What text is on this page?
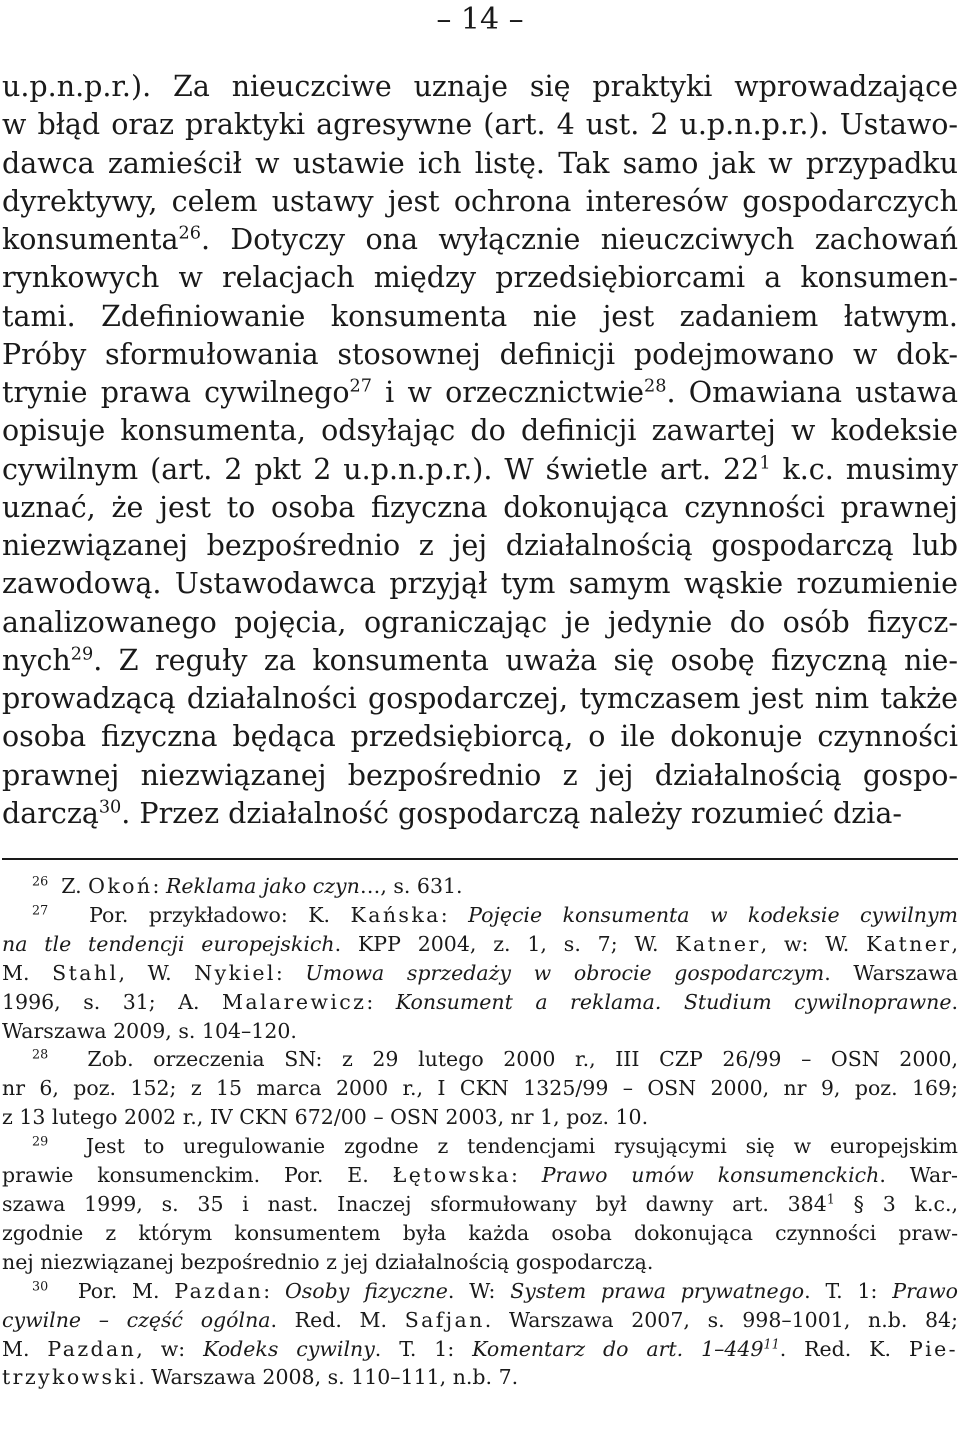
– 14 –
u.p.n.p.r.). Za nieuczciwe uznaje się praktyki wprowadzające
w błąd oraz praktyki agresywne (art. 4 ust. 2 u.p.n.p.r.). Ustawo-
dawca zamieścił w ustawie ich listę. Tak samo jak w przypadku
dyrektywy, celem ustawy jest ochrona interesów gospodarczych
konsumenta$^{26}$. Dotyczy ona wyłącznie nieuczciwych zachowań
rynkowych w relacjach między przedsiębiorcami a konsumen-
tami. Zdefiniowanie konsumenta nie jest zadaniem łatwym.
Próby sformułowania stosownej definicji podejmowano w dok-
trynie prawa cywilnego$^{27}$ i w orzecznictwie$^{28}$. Omawiana ustawa
opisuje konsumenta, odsyłając do definicji zawartej w kodeksie
cywilnym (art. 2 pkt 2 u.p.n.p.r.). W świetle art. $22^1$ k.c. musimy
uznać, że jest to osoba fizyczna dokonująca czynności prawnej
niezwiązanej bezpośrednio z jej działalnością gospodarczą lub
zawodową. Ustawodawca przyjął tym samym wąskie rozumienie
analizowanego pojęcia, ograniczając je jedynie do osób fizycz-
nych$^{29}$. Z reguły za konsumenta uważa się osobę fizyczną nie-
prowadzącą działalności gospodarczej, tymczasem jest nim także
osoba fizyczna będąca przedsiębiorcą, o ile dokonuje czynności
prawnej niezwiązanej bezpośrednio z jej działalnością gospo-
darczą$^{30}$. Przez działalność gospodarczą należy rozumieć dzia-
$^{26}$ Z. Okoń: Reklama jako czyn…, s. 631.
$^{27}$ Por. przykładowo: K. Kańska: Pojęcie konsumenta w kodeksie cywilnym
na tle tendencji europejskich. KPP 2004, z. 1, s. 7; W. Katner, w: W. Katner,
M. Stahl, W. Nykiel: Umowa sprzedaży w obrocie gospodarczym. Warszawa
1996, s. 31; A. Malarewicz: Konsument a reklama. Studium cywilnoprawne.
Warszawa 2009, s. 104–120.
$^{28}$ Zob. orzeczenia SN: z 29 lutego 2000 r., III CZP 26/99 – OSN 2000,
nr 6, poz. 152; z 15 marca 2000 r., I CKN 1325/99 – OSN 2000, nr 9, poz. 169;
z 13 lutego 2002 r., IV CKN 672/00 – OSN 2003, nr 1, poz. 10.
$^{29}$ Jest to uregulowanie zgodne z tendencjami rysującymi się w europejskim
prawie konsumenckim. Por. E. Łętowska: Prawo umów konsumenckich. War-
szawa 1999, s. 35 i nast. Inaczej sformułowany był dawny art. $384^1$ § 3 k.c.,
zgodnie z którym konsumentem była każda osoba dokonująca czynności praw-
nej niezwiązanej bezpośrednio z jej działalnością gospodarczą.
$^{30}$ Por. M. Pazdan: Osoby fizyczne. W: System prawa prywatnego. T. 1: Prawo
cywilne – część ogólna. Red. M. Safjan. Warszawa 2007, s. 998–1001, n.b. 84;
M. Pazdan, w: Kodeks cywilny. T. 1: Komentarz do art. $1-449^{11}$. Red. K. Pie-
trzykowski. Warszawa 2008, s. 110–111, n.b. 7.
